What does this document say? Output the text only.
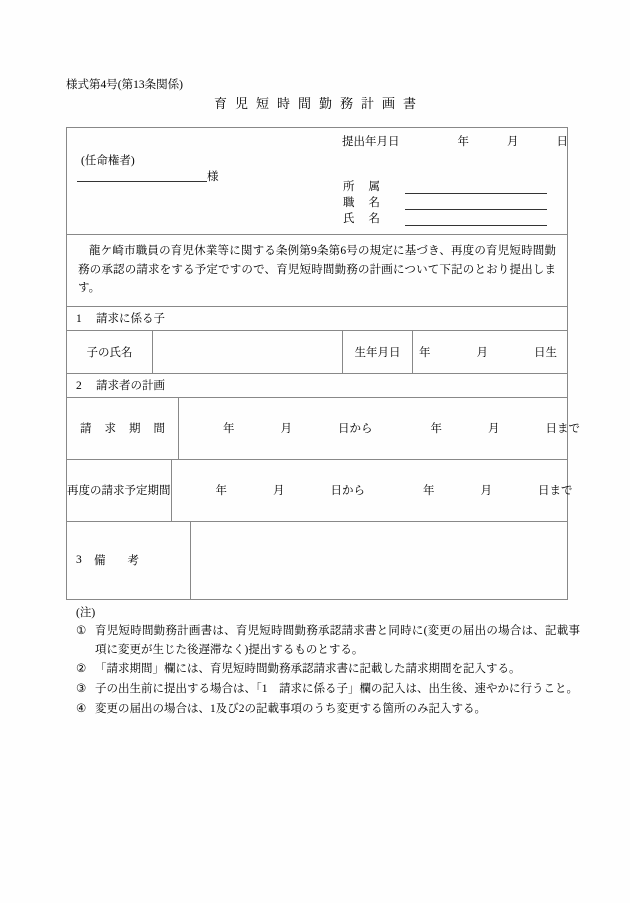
様式第4号(第13条関係)
育児短時間勤務計画書
提出年月日	年	月	日
(任命権者)
様
所属	

職名	

氏名	

龍ケ崎市職員の育児休業等に関する条例第9条第6号の規定に基づき、再度の育児短時間勤務の承認の請求をする予定ですので、育児短時間勤務の計画について下記のとおり提出します。

1 請求に係る子
子の氏名	生年月日	年	月	日生
2 請求者の計画
請求期間	年	月	日から	年	月	日まで
再度の請求予定期間	年	月	日から	年	月	日まで
3	備考
(注)
① 育児短時間勤務計画書は、育児短時間勤務承認請求書と同時に(変更の届出の場合は、記載事項に変更が生じた後遅滞なく)提出するものとする。
② 「請求期間」欄には、育児短時間勤務承認請求書に記載した請求期間を記入する。
③ 子の出生前に提出する場合は、「1　請求に係る子」欄の記入は、出生後、速やかに行うこと。
④ 変更の届出の場合は、1及び2の記載事項のうち変更する箇所のみ記入する。
